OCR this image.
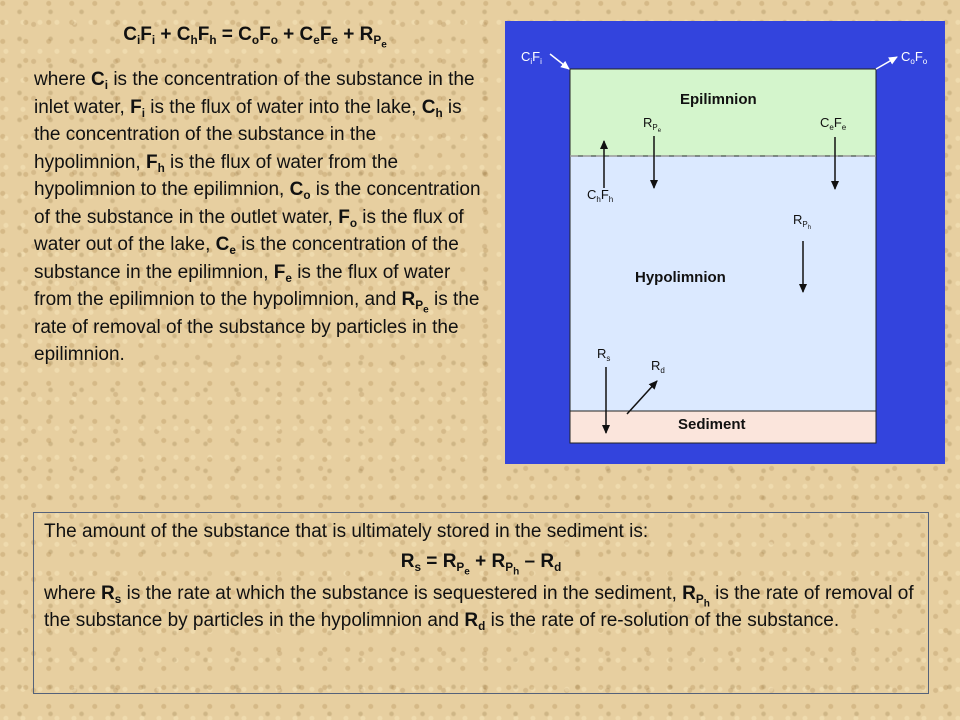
$C_iF_i + C_hF_h = C_oF_o + C_eF_e + R_{P_e}$

where $C_i$ is the concentration of the substance in the inlet water, $F_i$ is the flux of water into the lake, $C_h$ is the concentration of the substance in the hypolimnion, $F_h$ is the flux of water from the hypolimnion to the epilimnion, $C_o$ is the concentration of the substance in the outlet water, $F_o$ is the flux of water out of the lake, $C_e$ is the concentration of the substance in the epilimnion, $F_e$ is the flux of water from the epilimnion to the hypolimnion, and $R_{P_e}$ is the rate of removal of the substance by particles in the epilimnion.

Epilimnion
Hypolimnion
Sediment
$C_iF_i$	$C_oF_o$
$R_Pe$
$C_hF_h$
$C_eF_e$
$R_Ph$
$R_s$	$R_d$

The amount of the substance that is ultimately stored in the sediment is:

$R_s = R_{P_e} + R_{P_h} - R_d$

where $R_s$ is the rate at which the substance is sequestered in the sediment, $R_{P_h}$ is the rate of removal of the substance by particles in the hypolimnion and $R_d$ is the rate of re-solution of the substance.
